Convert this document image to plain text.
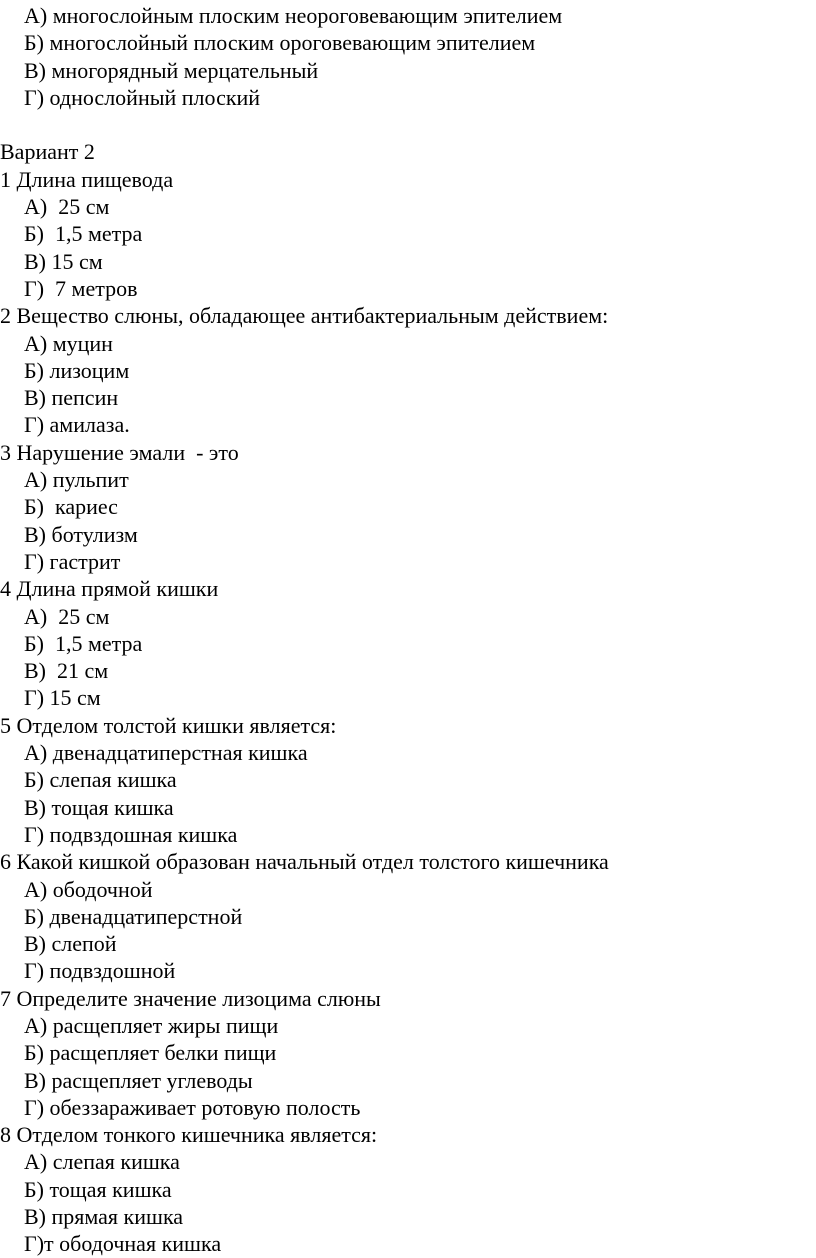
А) многослойным плоским неороговевающим эпителием
Б) многослойный плоским ороговевающим эпителием
В) многорядный мерцательный
Г) однослойный плоский
Вариант 2
1 Длина пищевода
А)  25 см
Б)  1,5 метра
В) 15 см
Г)  7 метров
2 Вещество слюны, обладающее антибактериальным действием:
А) муцин
Б) лизоцим
В) пепсин
Г) амилаза.
3 Нарушение эмали  - это
А) пульпит
Б)  кариес
В) ботулизм
Г) гастрит
4 Длина прямой кишки
А)  25 см
Б)  1,5 метра
В)  21 см
Г) 15 см
5 Отделом толстой кишки является:
А) двенадцатиперстная кишка
Б) слепая кишка
В) тощая кишка
Г) подвздошная кишка
6 Какой кишкой образован начальный отдел толстого кишечника
А) ободочной
Б) двенадцатиперстной
В) слепой
Г) подвздошной
7 Определите значение лизоцима слюны
А) расщепляет жиры пищи
Б) расщепляет белки пищи
В) расщепляет углеводы
Г) обеззараживает ротовую полость
8 Отделом тонкого кишечника является:
А) слепая кишка
Б) тощая кишка
В) прямая кишка
Г)т ободочная кишка
